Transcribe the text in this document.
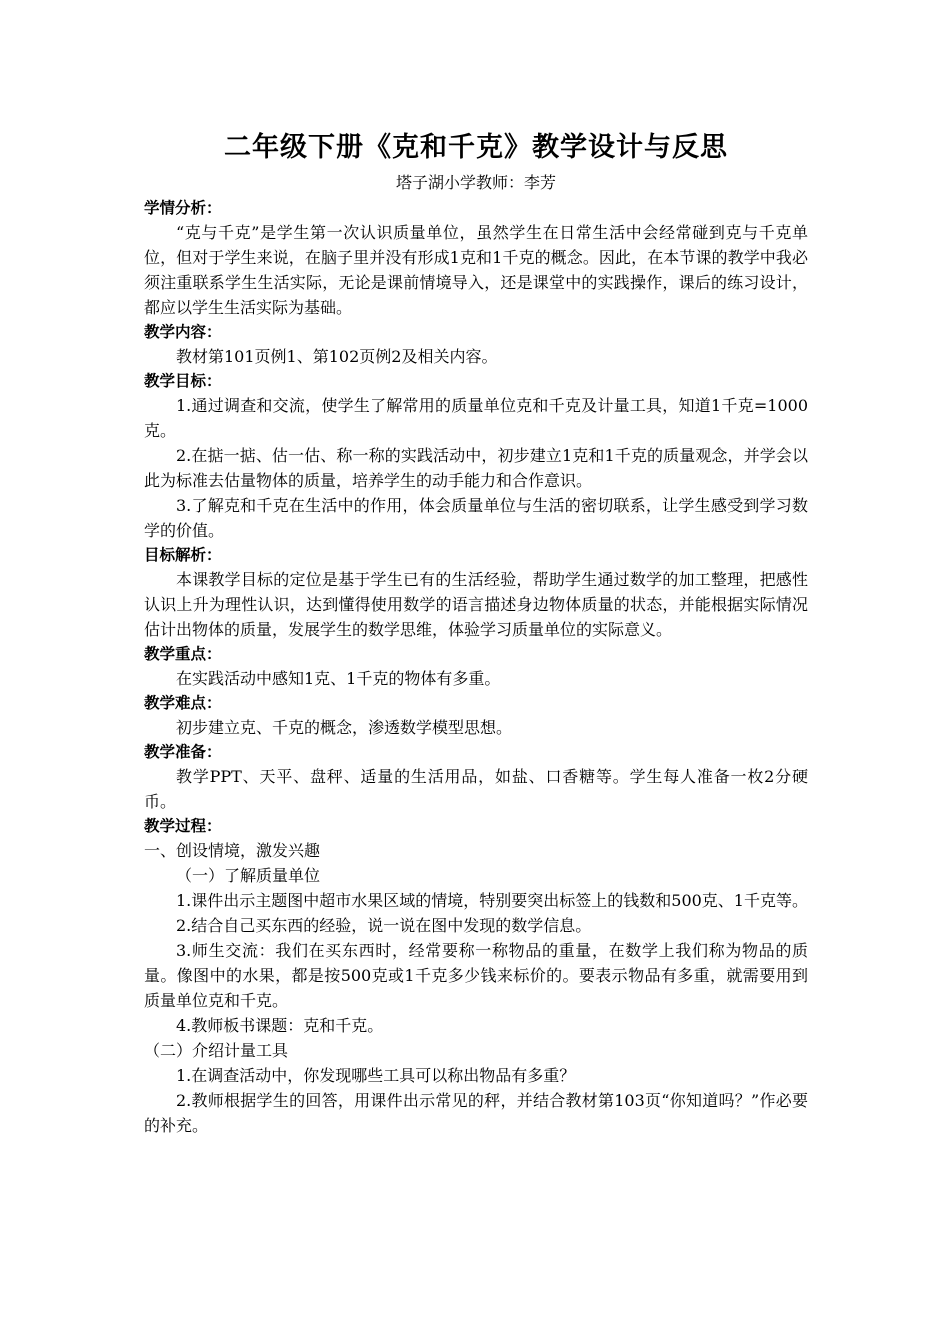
二年级下册《克和千克》教学设计与反思
塔子湖小学教师：李芳
学情分析：
“克与千克”是学生第一次认识质量单位，虽然学生在日常生活中会经常碰到克与千克单位，但对于学生来说，在脑子里并没有形成1克和1千克的概念。因此，在本节课的教学中我必须注重联系学生生活实际，无论是课前情境导入，还是课堂中的实践操作，课后的练习设计，都应以学生生活实际为基础。
教学内容：
教材第101页例1、第102页例2及相关内容。
教学目标：
1.通过调查和交流，使学生了解常用的质量单位克和千克及计量工具，知道1千克=1000克。
2.在掂一掂、估一估、称一称的实践活动中，初步建立1克和1千克的质量观念，并学会以此为标准去估量物体的质量，培养学生的动手能力和合作意识。
3.了解克和千克在生活中的作用，体会质量单位与生活的密切联系，让学生感受到学习数学的价值。
目标解析：
本课教学目标的定位是基于学生已有的生活经验，帮助学生通过数学的加工整理，把感性认识上升为理性认识，达到懂得使用数学的语言描述身边物体质量的状态，并能根据实际情况估计出物体的质量，发展学生的数学思维，体验学习质量单位的实际意义。
教学重点：
在实践活动中感知1克、1千克的物体有多重。
教学难点：
初步建立克、千克的概念，渗透数学模型思想。
教学准备：
教学PPT、天平、盘秤、适量的生活用品，如盐、口香糖等。学生每人准备一枚2分硬币。
教学过程：
一、创设情境，激发兴趣
（一）了解质量单位
1.课件出示主题图中超市水果区域的情境，特别要突出标签上的钱数和500克、1千克等。
2.结合自己买东西的经验，说一说在图中发现的数学信息。
3.师生交流：我们在买东西时，经常要称一称物品的重量，在数学上我们称为物品的质量。像图中的水果，都是按500克或1千克多少钱来标价的。要表示物品有多重，就需要用到质量单位克和千克。
4.教师板书课题：克和千克。
（二）介绍计量工具
1.在调查活动中，你发现哪些工具可以称出物品有多重？
2.教师根据学生的回答，用课件出示常见的秤，并结合教材第103页“你知道吗？”作必要的补充。
